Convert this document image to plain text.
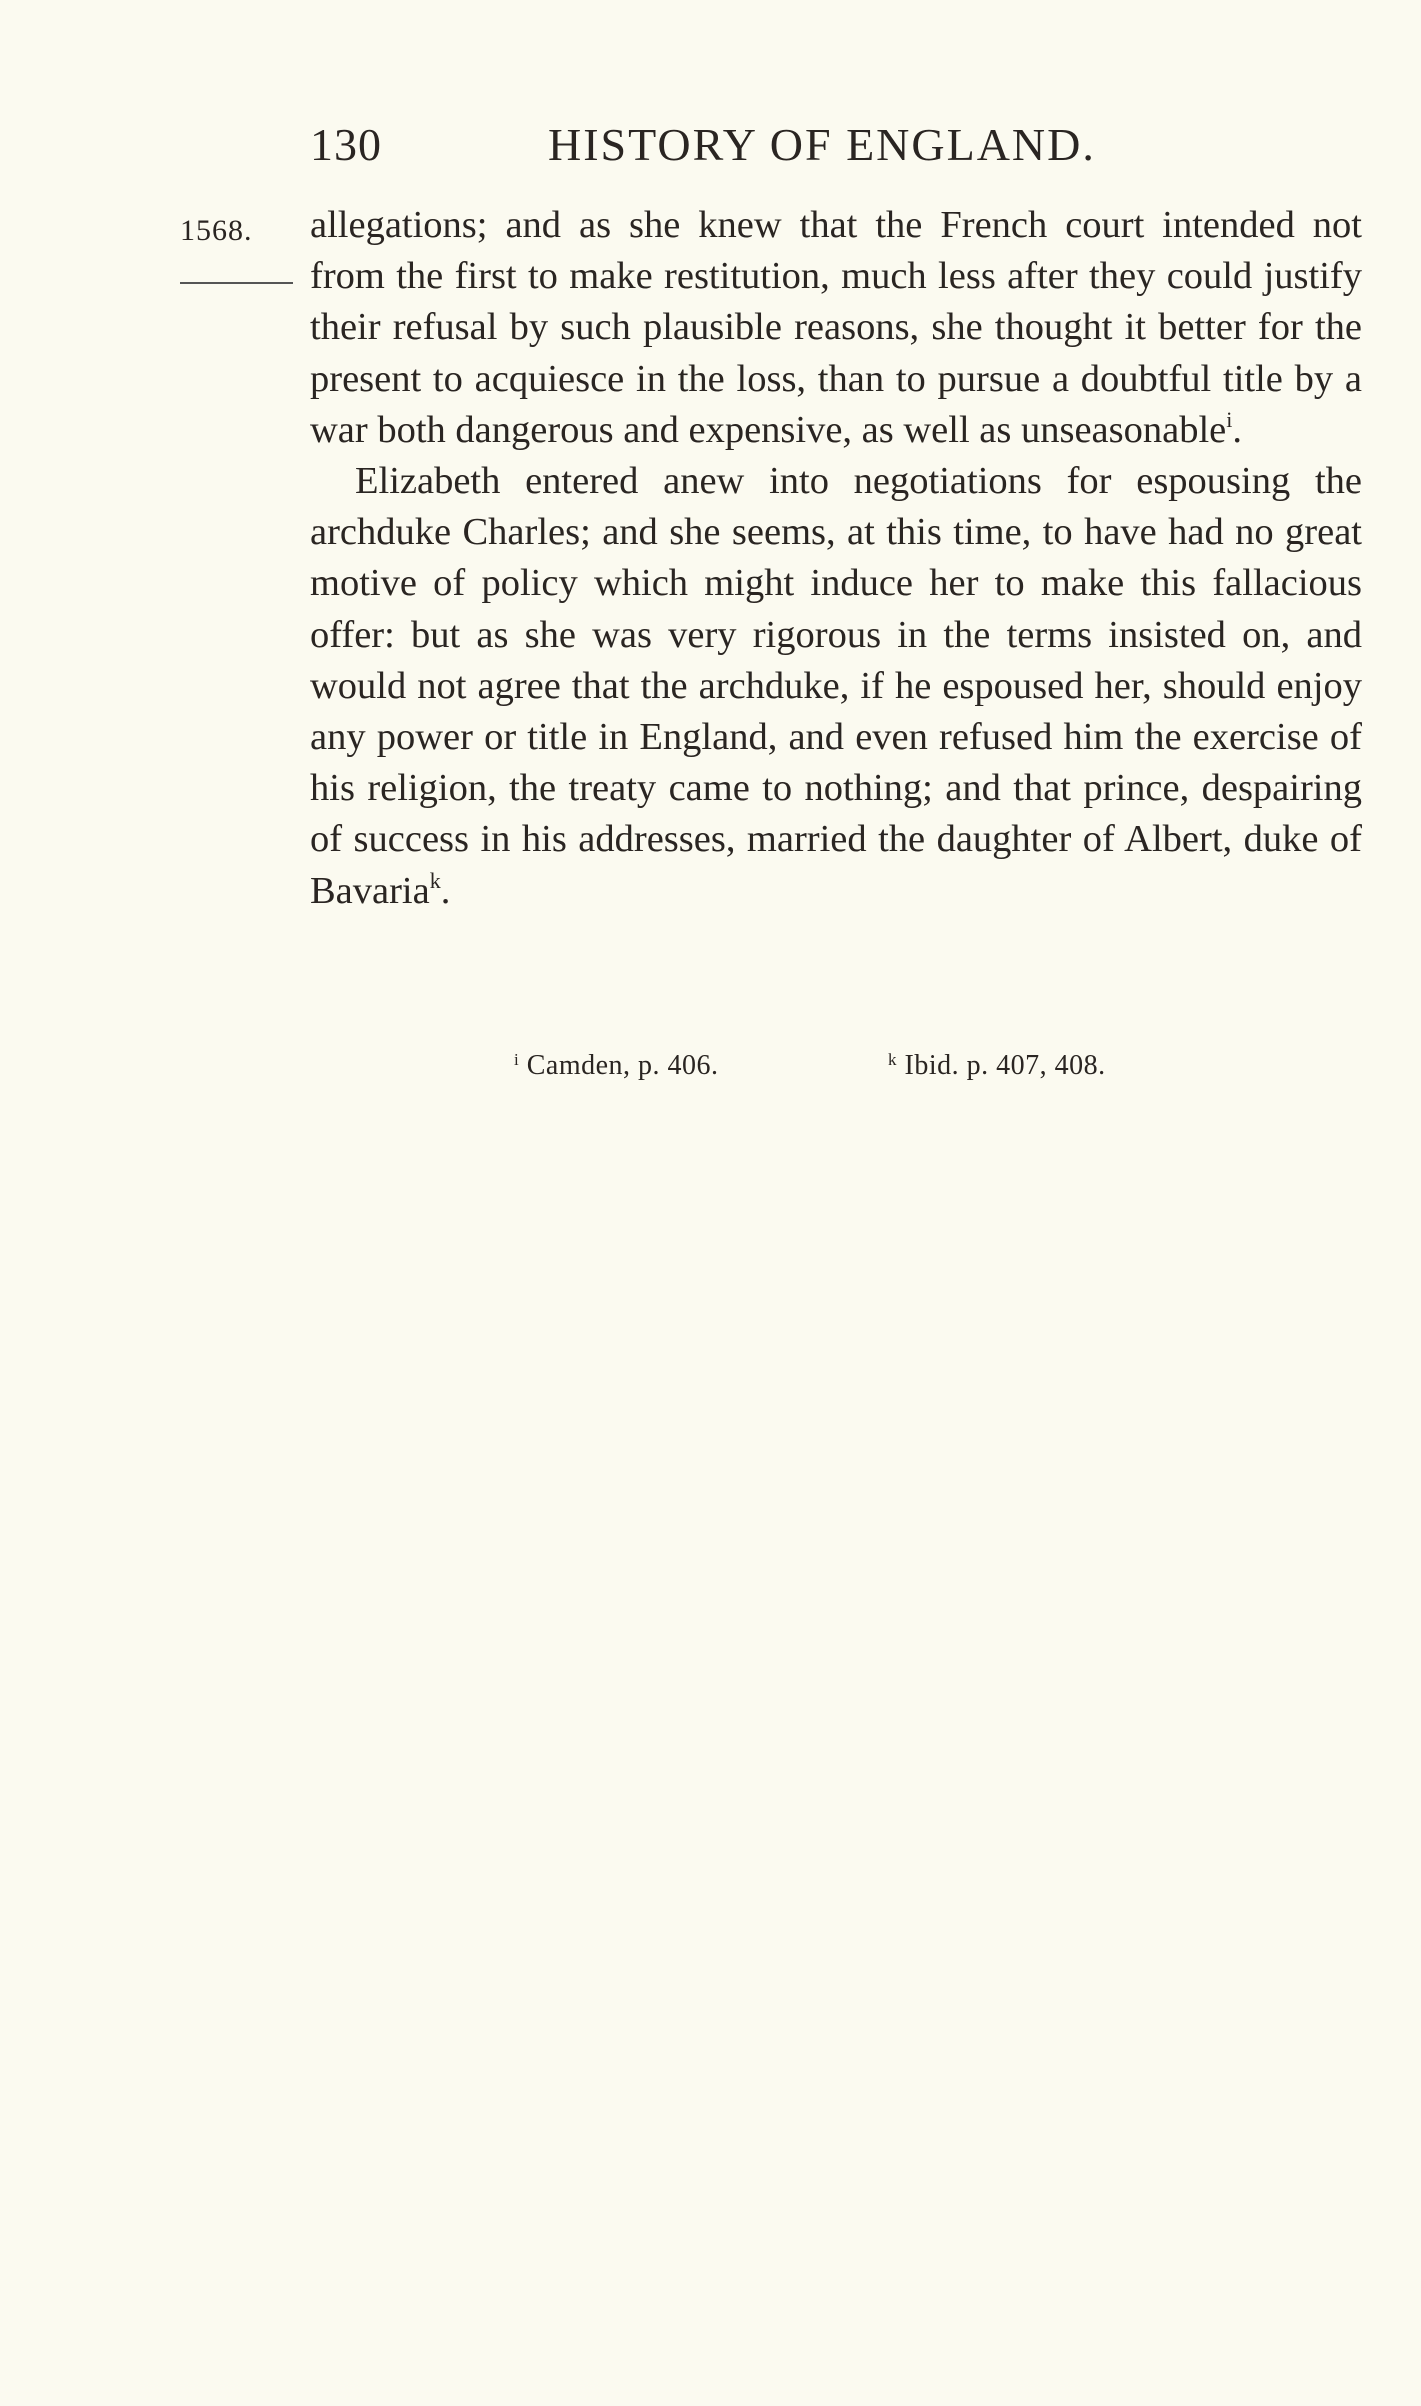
130	HISTORY OF ENGLAND.
1568. allegations; and as she knew that the French court intended not from the first to make restitution, much less after they could justify their refusal by such plausible reasons, she thought it better for the present to acquiesce in the loss, than to pursue a doubtful title by a war both dangerous and expensive, as well as unseasonable$^i$.

Elizabeth entered anew into negotiations for espousing the archduke Charles; and she seems, at this time, to have had no great motive of policy which might induce her to make this fallacious offer: but as she was very rigorous in the terms insisted on, and would not agree that the archduke, if he espoused her, should enjoy any power or title in England, and even refused him the exercise of his religion, the treaty came to nothing; and that prince, despairing of success in his addresses, married the daughter of Albert, duke of Bavaria$^k$.

$^i$ Camden, p. 406.	$^k$ Ibid. p. 407, 408.
